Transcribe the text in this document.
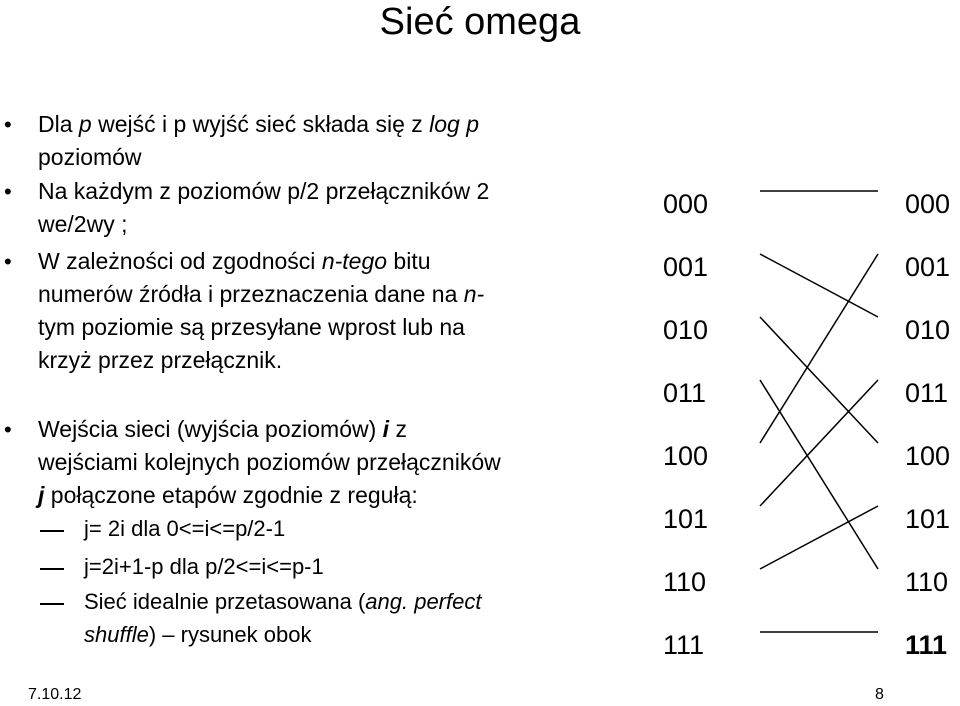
Sieć omega
• Dla p wejść i p wyjść sieć składa się z log p
poziomów
• Na każdym z poziomów p/2 przełączników 2
we/2wy ;
• W zależności od zgodności n-tego bitu
numerów źródła i przeznaczenia dane na n-
tym poziomie są przesyłane wprost lub na
krzyż przez przełącznik.
• Wejścia sieci (wyjścia poziomów) i z
wejściami kolejnych poziomów przełączników
j połączone etapów zgodnie z regułą:
j= 2i dla 0<=i<=p/2-1
j=2i+1-p dla p/2<=i<=p-1
Sieć idealnie przetasowana (ang. perfect
shuffle) – rysunek obok
000
001
010
011
100
101
110
111
000
001
010
011
100
101
110
111
7.10.12	8
